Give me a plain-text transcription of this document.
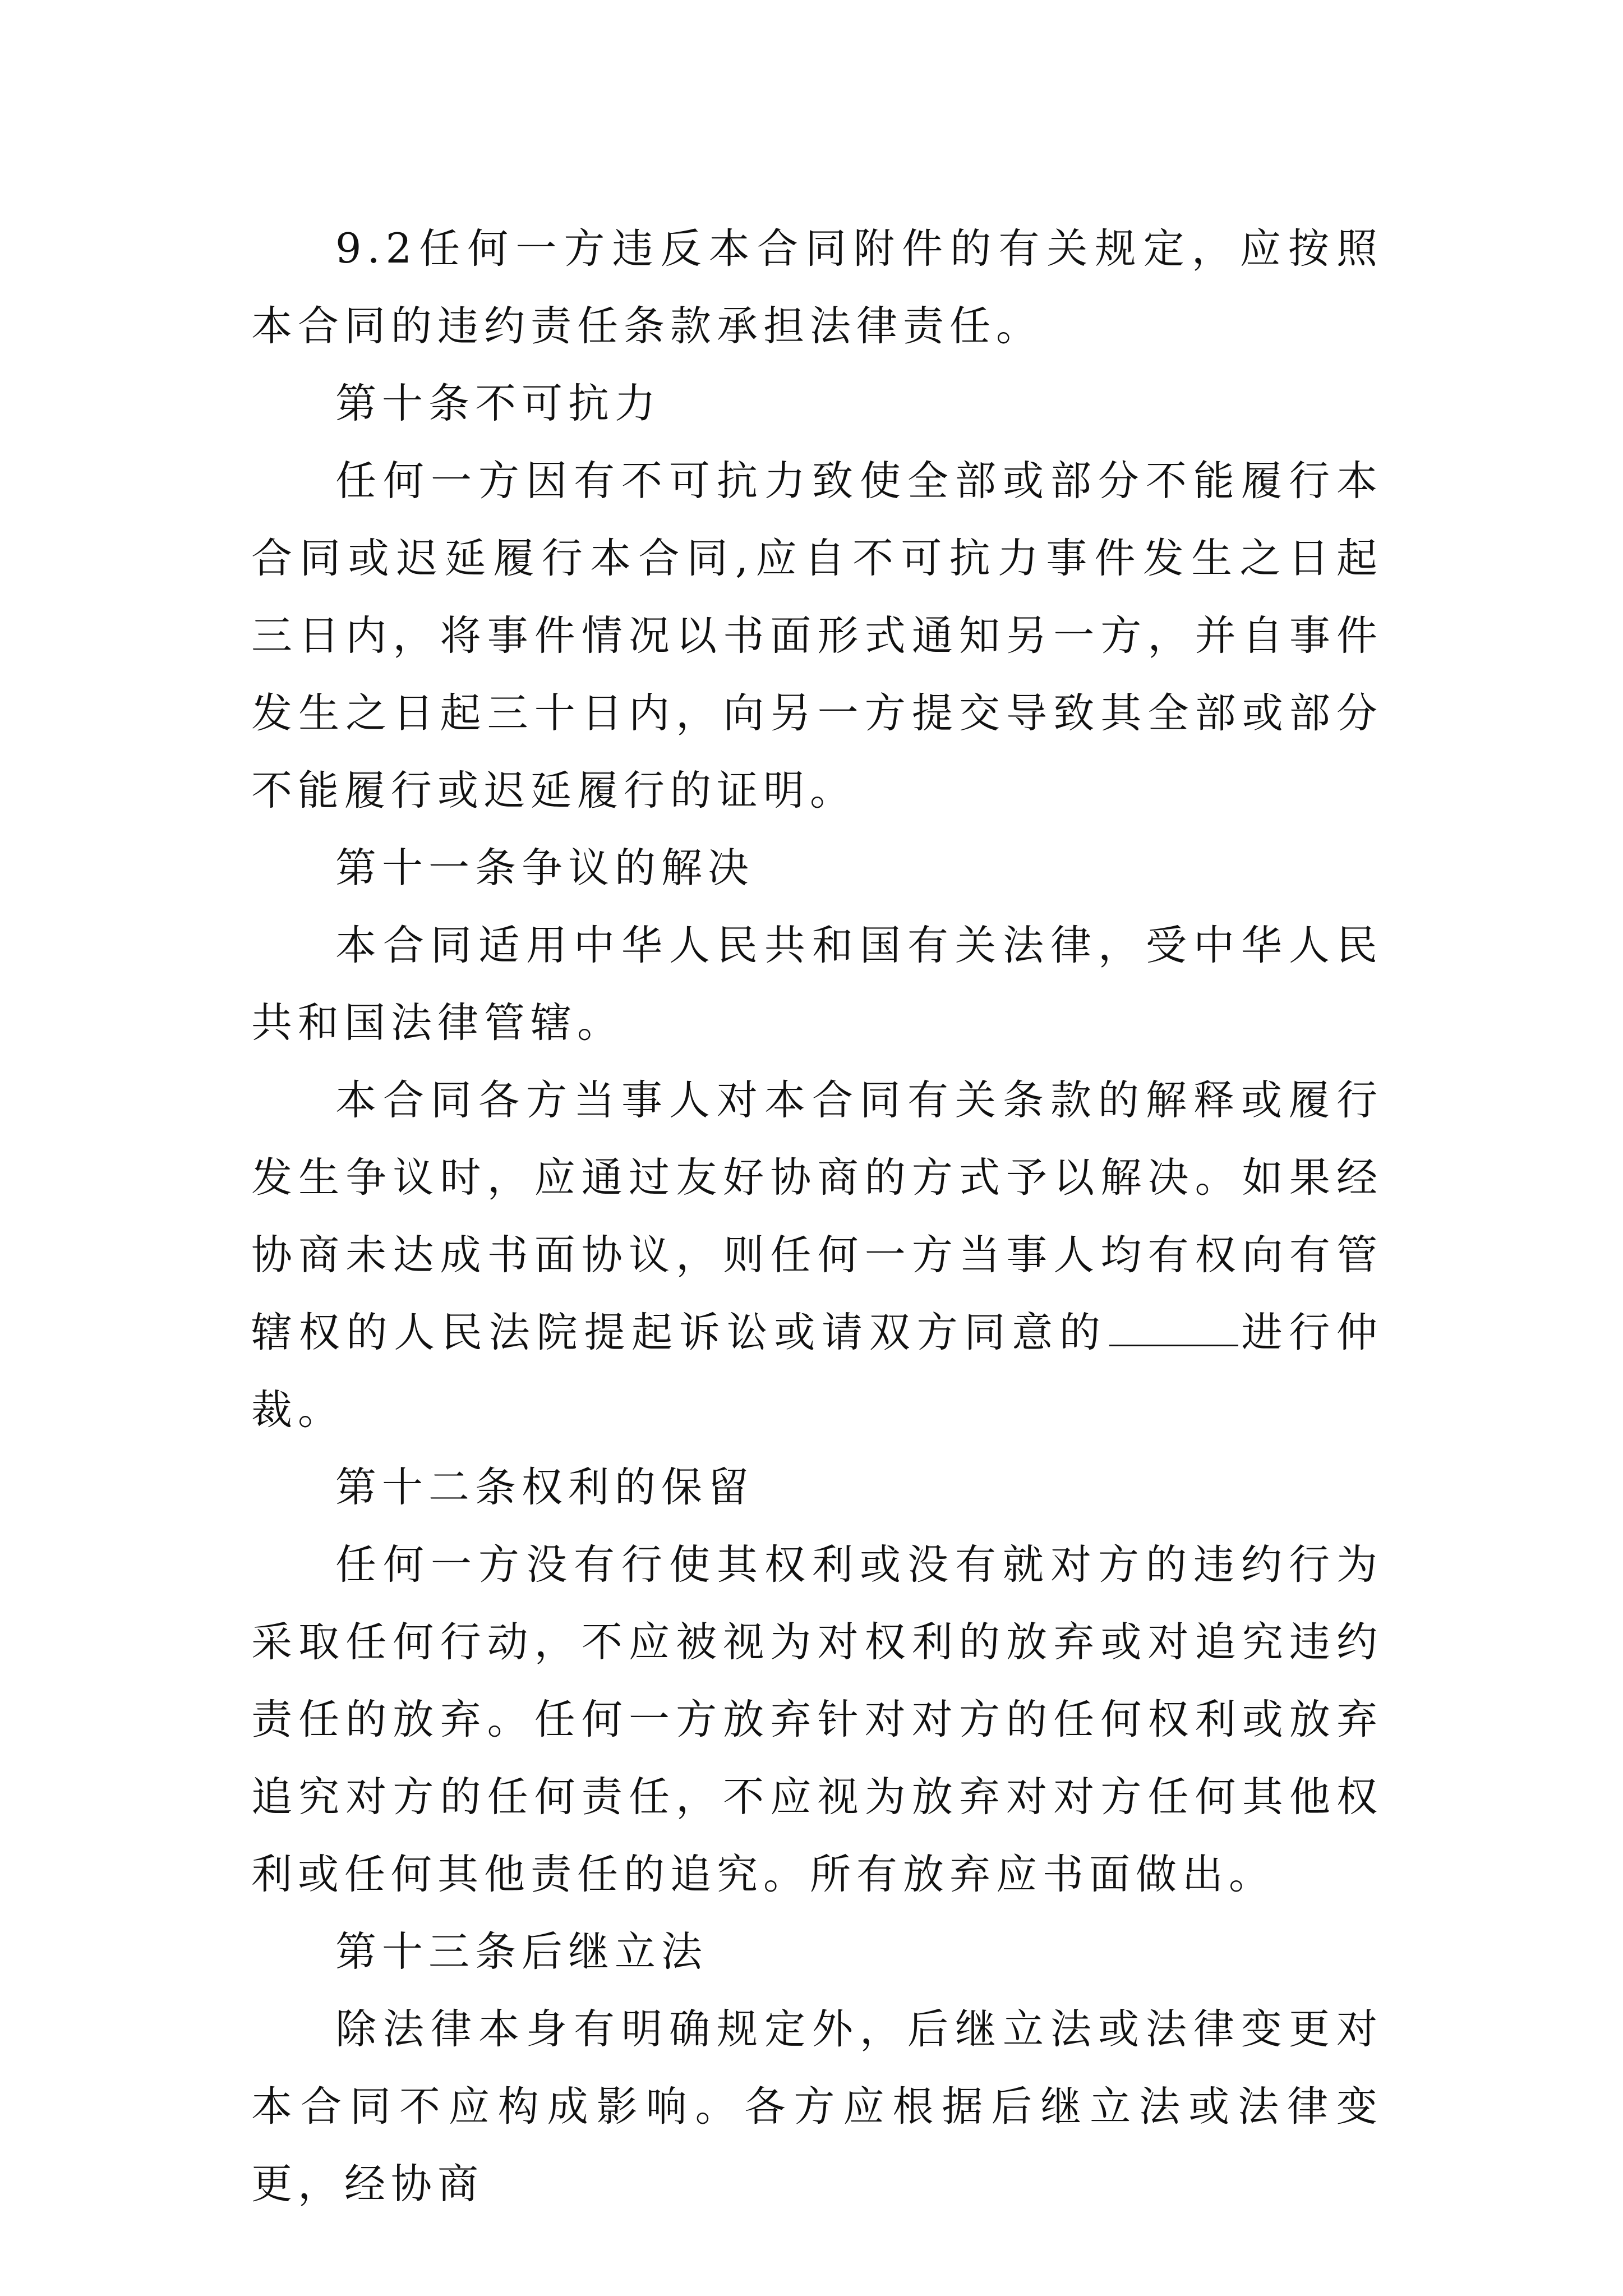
9.2任何一方违反本合同附件的有关规定，应按照本合同的违约责任条款承担法律责任。

第十条不可抗力

任何一方因有不可抗力致使全部或部分不能履行本合同或迟延履行本合同,应自不可抗力事件发生之日起三日内，将事件情况以书面形式通知另一方，并自事件发生之日起三十日内，向另一方提交导致其全部或部分不能履行或迟延履行的证明。

第十一条争议的解决

本合同适用中华人民共和国有关法律，受中华人民共和国法律管辖。

本合同各方当事人对本合同有关条款的解释或履行发生争议时，应通过友好协商的方式予以解决。如果经协商未达成书面协议，则任何一方当事人均有权向有管辖权的人民法院提起诉讼或请双方同意的	进行仲裁。

第十二条权利的保留

任何一方没有行使其权利或没有就对方的违约行为采取任何行动，不应被视为对权利的放弃或对追究违约责任的放弃。任何一方放弃针对对方的任何权利或放弃追究对方的任何责任，不应视为放弃对对方任何其他权利或任何其他责任的追究。所有放弃应书面做出。

第十三条后继立法

除法律本身有明确规定外，后继立法或法律变更对本合同不应构成影响。各方应根据后继立法或法律变更，经协商
